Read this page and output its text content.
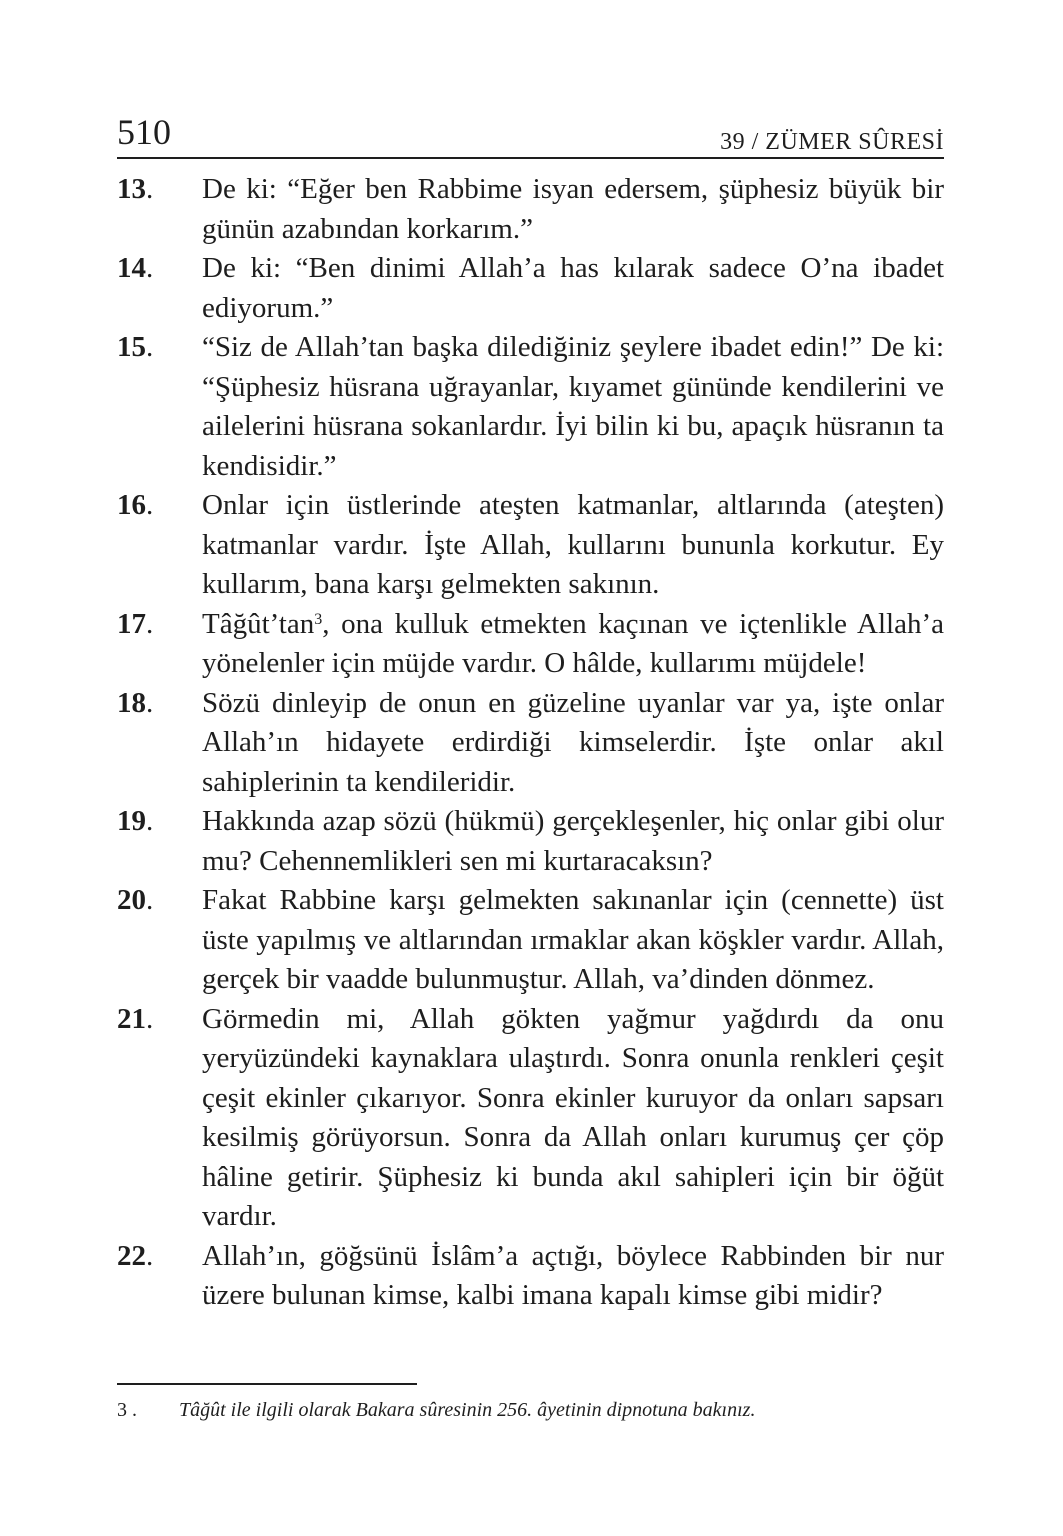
510	39 / ZÜMER SÛRESİ
13.	De ki: “Eğer ben Rabbime isyan edersem, şüphesiz büyük bir günün azabından korkarım.”
14.	De ki: “Ben dinimi Allah’a has kılarak sadece O’na ibadet ediyorum.”
15.	“Siz de Allah’tan başka dilediğiniz şeylere ibadet edin!” De ki: “Şüphesiz hüsrana uğrayanlar, kıyamet gününde kendilerini ve ailelerini hüsrana sokanlardır. İyi bilin ki bu, apaçık hüsranın ta kendisidir.”
16.	Onlar için üstlerinde ateşten katmanlar, altlarında (ateşten) katmanlar vardır. İşte Allah, kullarını bununla korkutur. Ey kullarım, bana karşı gelmekten sakının.
17.	Tâğût’tan$^3$, ona kulluk etmekten kaçınan ve içtenlikle Allah’a yönelenler için müjde vardır. O hâlde, kullarımı müjdele!
18.	Sözü dinleyip de onun en güzeline uyanlar var ya, işte onlar Allah’ın hidayete erdirdiği kimselerdir. İşte onlar akıl sahiplerinin ta kendileridir.
19.	Hakkında azap sözü (hükmü) gerçekleşenler, hiç onlar gibi olur mu? Cehennemlikleri sen mi kurtaracaksın?
20.	Fakat Rabbine karşı gelmekten sakınanlar için (cennette) üst üste yapılmış ve altlarından ırmaklar akan köşkler vardır. Allah, gerçek bir vaadde bulunmuştur. Allah, va’dinden dönmez.
21.	Görmedin mi, Allah gökten yağmur yağdırdı da onu yeryüzündeki kaynaklara ulaştırdı. Sonra onunla renkleri çeşit çeşit ekinler çıkarıyor. Sonra ekinler kuruyor da onları sapsarı kesilmiş görüyorsun. Sonra da Allah onları kurumuş çer çöp hâline getirir. Şüphesiz ki bunda akıl sahipleri için bir öğüt vardır.
22.	Allah’ın, göğsünü İslâm’a açtığı, böylece Rabbinden bir nur üzere bulunan kimse, kalbi imana kapalı kimse gibi midir?
3 .	Tâğût ile ilgili olarak Bakara sûresinin 256. âyetinin dipnotuna bakınız.
